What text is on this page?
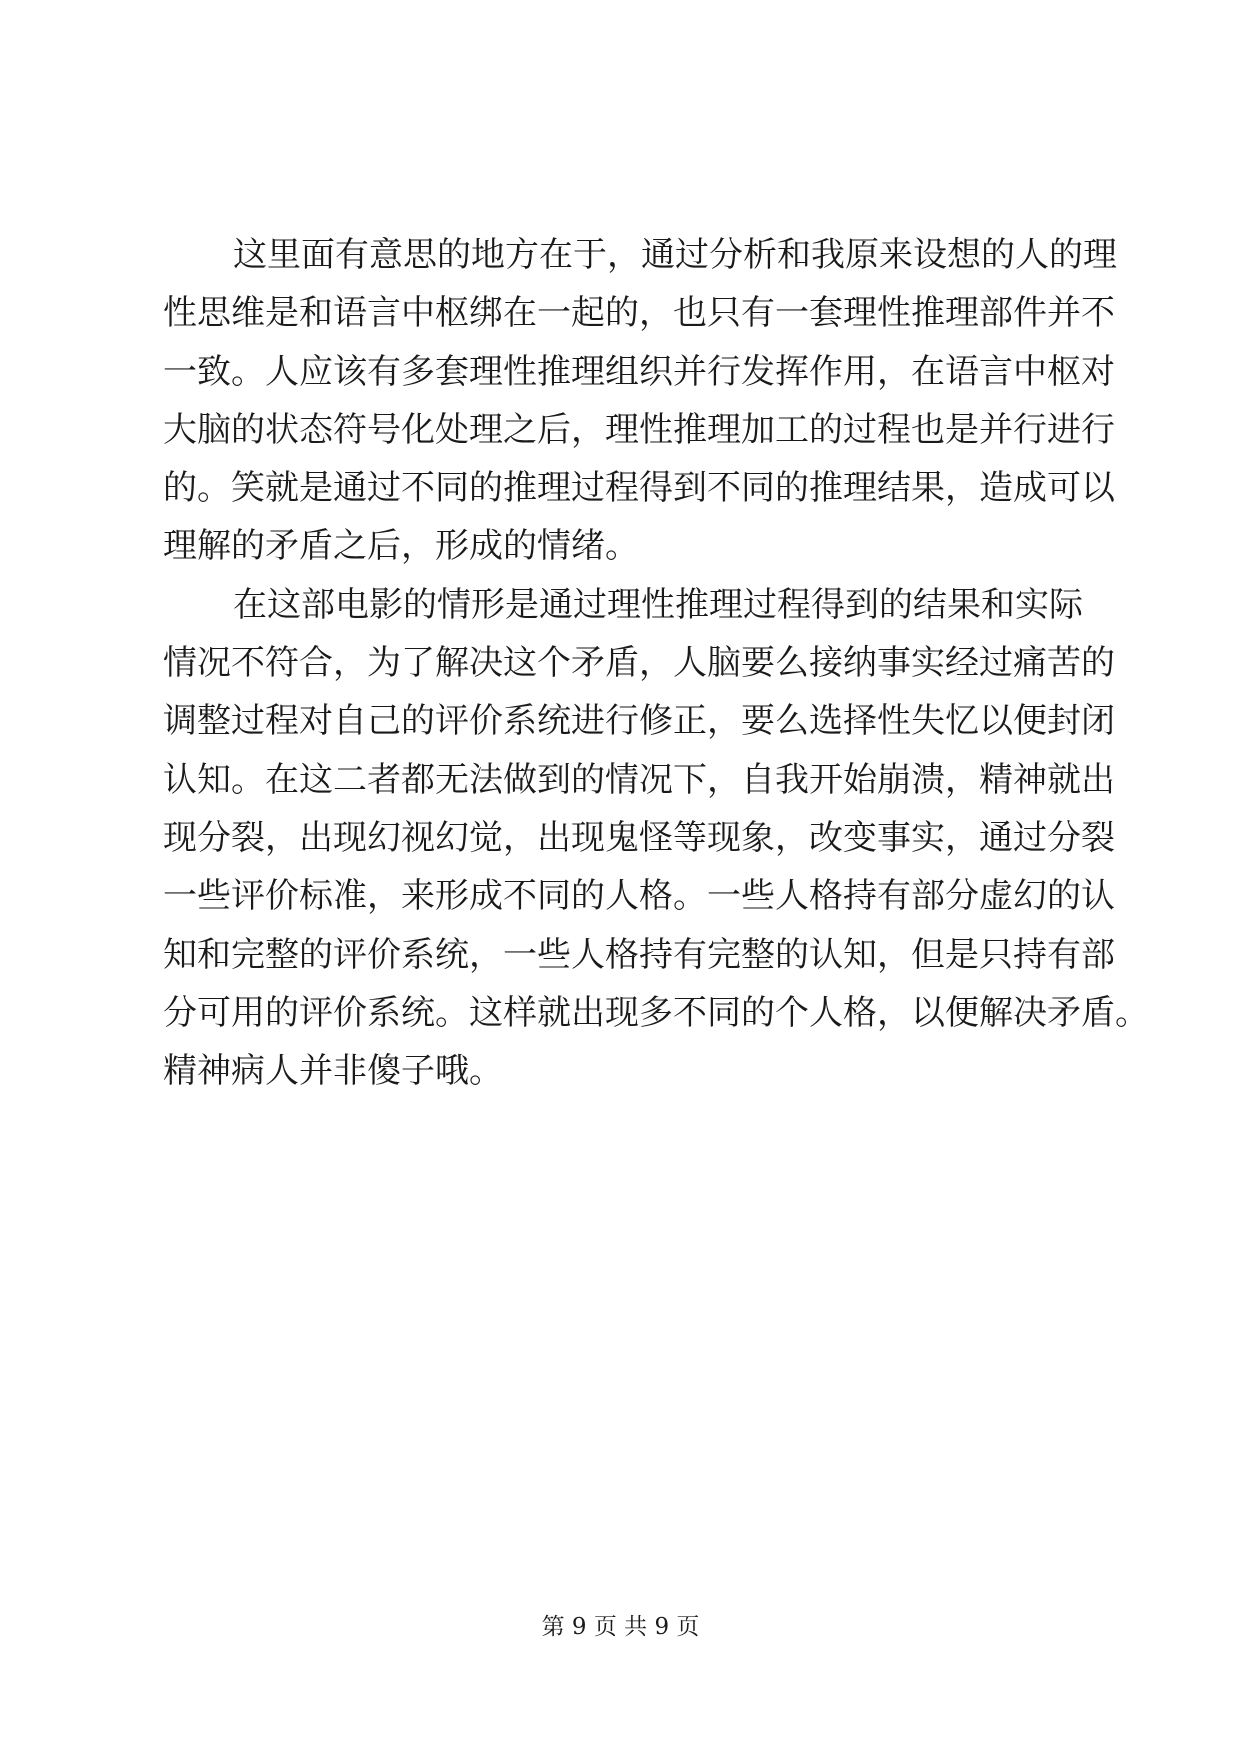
这里面有意思的地方在于，通过分析和我原来设想的人的理
性思维是和语言中枢绑在一起的，也只有一套理性推理部件并不
一致。人应该有多套理性推理组织并行发挥作用，在语言中枢对
大脑的状态符号化处理之后，理性推理加工的过程也是并行进行
的。笑就是通过不同的推理过程得到不同的推理结果，造成可以
理解的矛盾之后，形成的情绪。
在这部电影的情形是通过理性推理过程得到的结果和实际
情况不符合，为了解决这个矛盾，人脑要么接纳事实经过痛苦的
调整过程对自己的评价系统进行修正，要么选择性失忆以便封闭
认知。在这二者都无法做到的情况下，自我开始崩溃，精神就出
现分裂，出现幻视幻觉，出现鬼怪等现象，改变事实，通过分裂
一些评价标准，来形成不同的人格。一些人格持有部分虚幻的认
知和完整的评价系统，一些人格持有完整的认知，但是只持有部
分可用的评价系统。这样就出现多不同的个人格，以便解决矛盾。
精神病人并非傻子哦。
第 9 页 共 9 页
